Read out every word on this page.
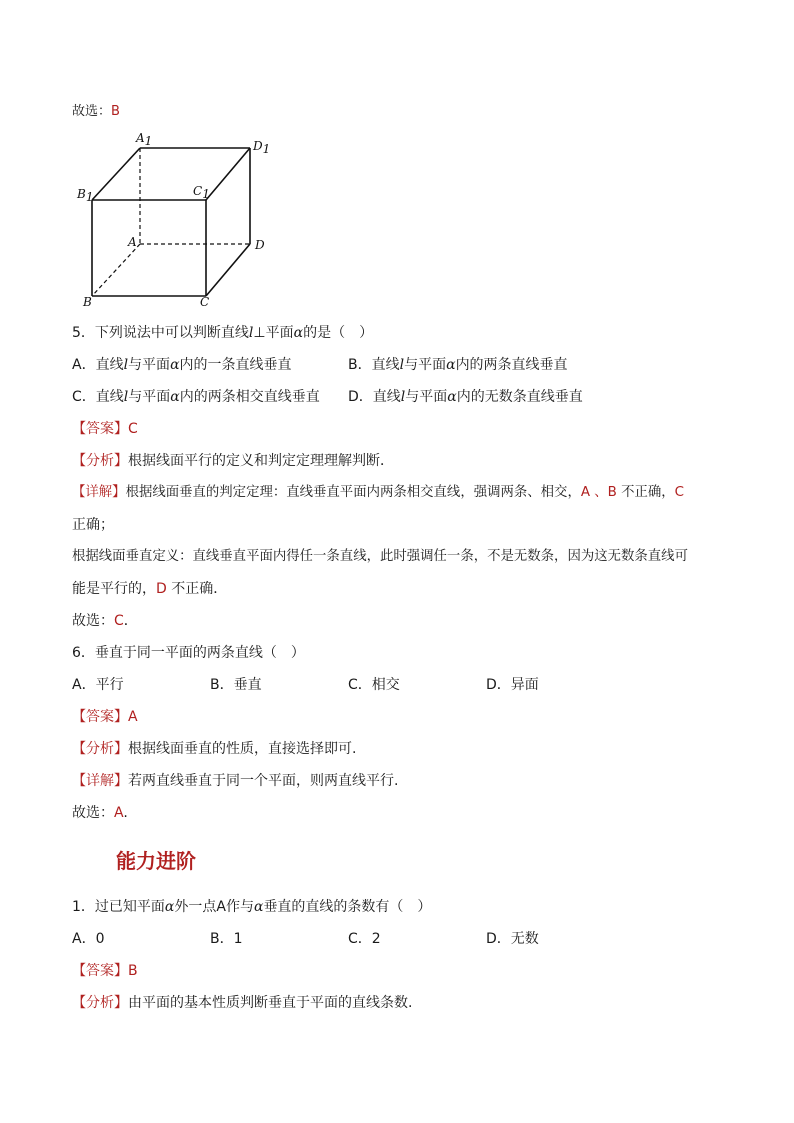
故选：B
A1	D1
B1	C1
A	D
B	C
5．下列说法中可以判断直线l⊥平面α的是（　）
A．直线l与平面α内的一条直线垂直	B．直线l与平面α内的两条直线垂直
C．直线l与平面α内的两条相交直线垂直 D．直线l与平面α内的无数条直线垂直
【答案】C
【分析】根据线面平行的定义和判定定理理解判断．
【详解】根据线面垂直的判定定理：直线垂直平面内两条相交直线，强调两条、相交，A 、B 不正确，C
正确；
根据线面垂直定义：直线垂直平面内得任一条直线，此时强调任一条，不是无数条，因为这无数条直线可
能是平行的，D 不正确．
故选：C．
6．垂直于同一平面的两条直线（　）
A．平行	B．垂直	C．相交	D．异面
【答案】A
【分析】根据线面垂直的性质，直接选择即可.
【详解】若两直线垂直于同一个平面，则两直线平行.
故选：A.
能力进阶
1．过已知平面α外一点A作与α垂直的直线的条数有（　）
A．0	B．1	C．2	D．无数
【答案】B
【分析】由平面的基本性质判断垂直于平面的直线条数.
